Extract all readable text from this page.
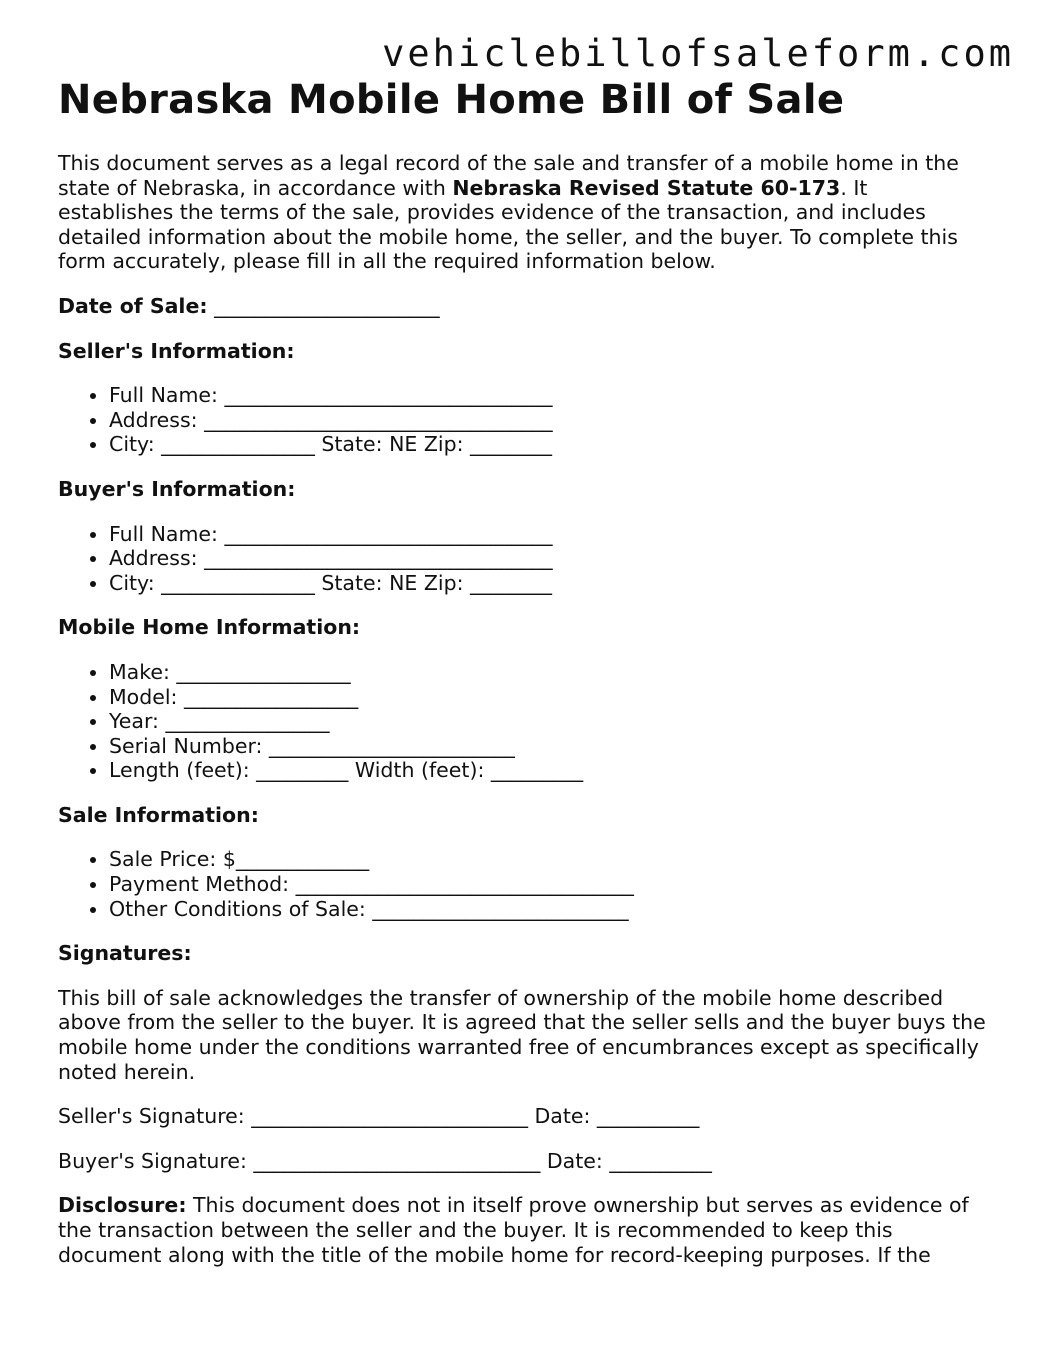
vehiclebillofsaleform.com
Nebraska Mobile Home Bill of Sale

This document serves as a legal record of the sale and transfer of a mobile home in the state of Nebraska, in accordance with Nebraska Revised Statute 60-173. It establishes the terms of the sale, provides evidence of the transaction, and includes detailed information about the mobile home, the seller, and the buyer. To complete this form accurately, please fill in all the required information below.

Date of Sale: ______________________

Seller's Information:
• Full Name: ________________________________
• Address: __________________________________
• City: _______________ State: NE Zip: ________
Buyer's Information:
• Full Name: ________________________________
• Address: __________________________________
• City: _______________ State: NE Zip: ________
Mobile Home Information:
• Make: _________________
• Model: _________________
• Year: ________________
• Serial Number: ________________________
• Length (feet): _________ Width (feet): _________
Sale Information:
• Sale Price: $_____________
• Payment Method: _________________________________
• Other Conditions of Sale: _________________________
Signatures:

This bill of sale acknowledges the transfer of ownership of the mobile home described above from the seller to the buyer. It is agreed that the seller sells and the buyer buys the mobile home under the conditions warranted free of encumbrances except as specifically noted herein.

Seller's Signature: ___________________________ Date: __________

Buyer's Signature: ____________________________ Date: __________

Disclosure: This document does not in itself prove ownership but serves as evidence of the transaction between the seller and the buyer. It is recommended to keep this document along with the title of the mobile home for record-keeping purposes. If the
